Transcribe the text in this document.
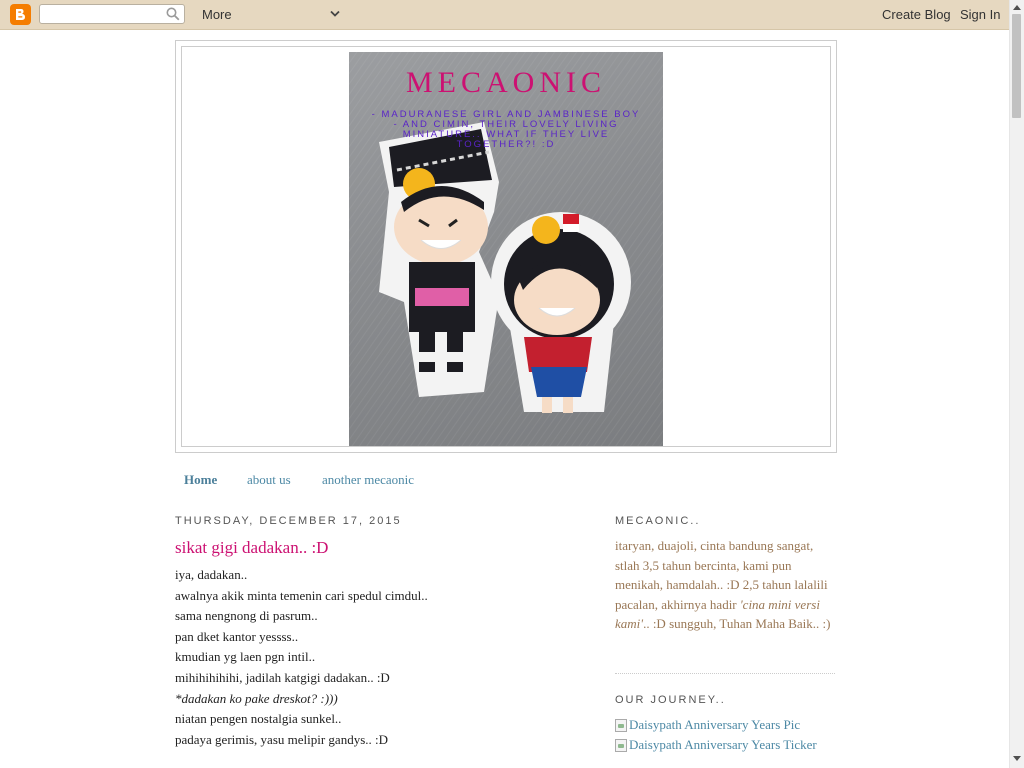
More	Create Blog Sign In
MECAONIC
- MADURANESE GIRL AND JAMBINESE BOY - AND CIMIN, THEIR LOVELY LIVING MINIATURE.. WHAT IF THEY LIVE TOGETHER?! :D
Home about us another mecaonic
THURSDAY, DECEMBER 17, 2015
sikat gigi dadakan.. :D
iya, dadakan..
awalnya akik minta temenin cari spedul cimdul..
sama nengnong di pasrum..
pan dket kantor yessss..
kmudian yg laen pgn intil..
mihihihihihi, jadilah katgigi dadakan.. :D
*dadakan ko pake dreskot? :)))
niatan pengen nostalgia sunkel..
padaya gerimis, yasu melipir gandys.. :D
MECAONIC..
itaryan, duajoli, cinta bandung sangat, stlah 3,5 tahun bercinta, kami pun menikah, hamdalah.. :D 2,5 tahun lalalili pacalan, akhirnya hadir 'cina mini versi kami'.. :D sungguh, Tuhan Maha Baik.. :)
OUR JOURNEY..
Daisypath Anniversary Years Pic
Daisypath Anniversary Years Ticker
